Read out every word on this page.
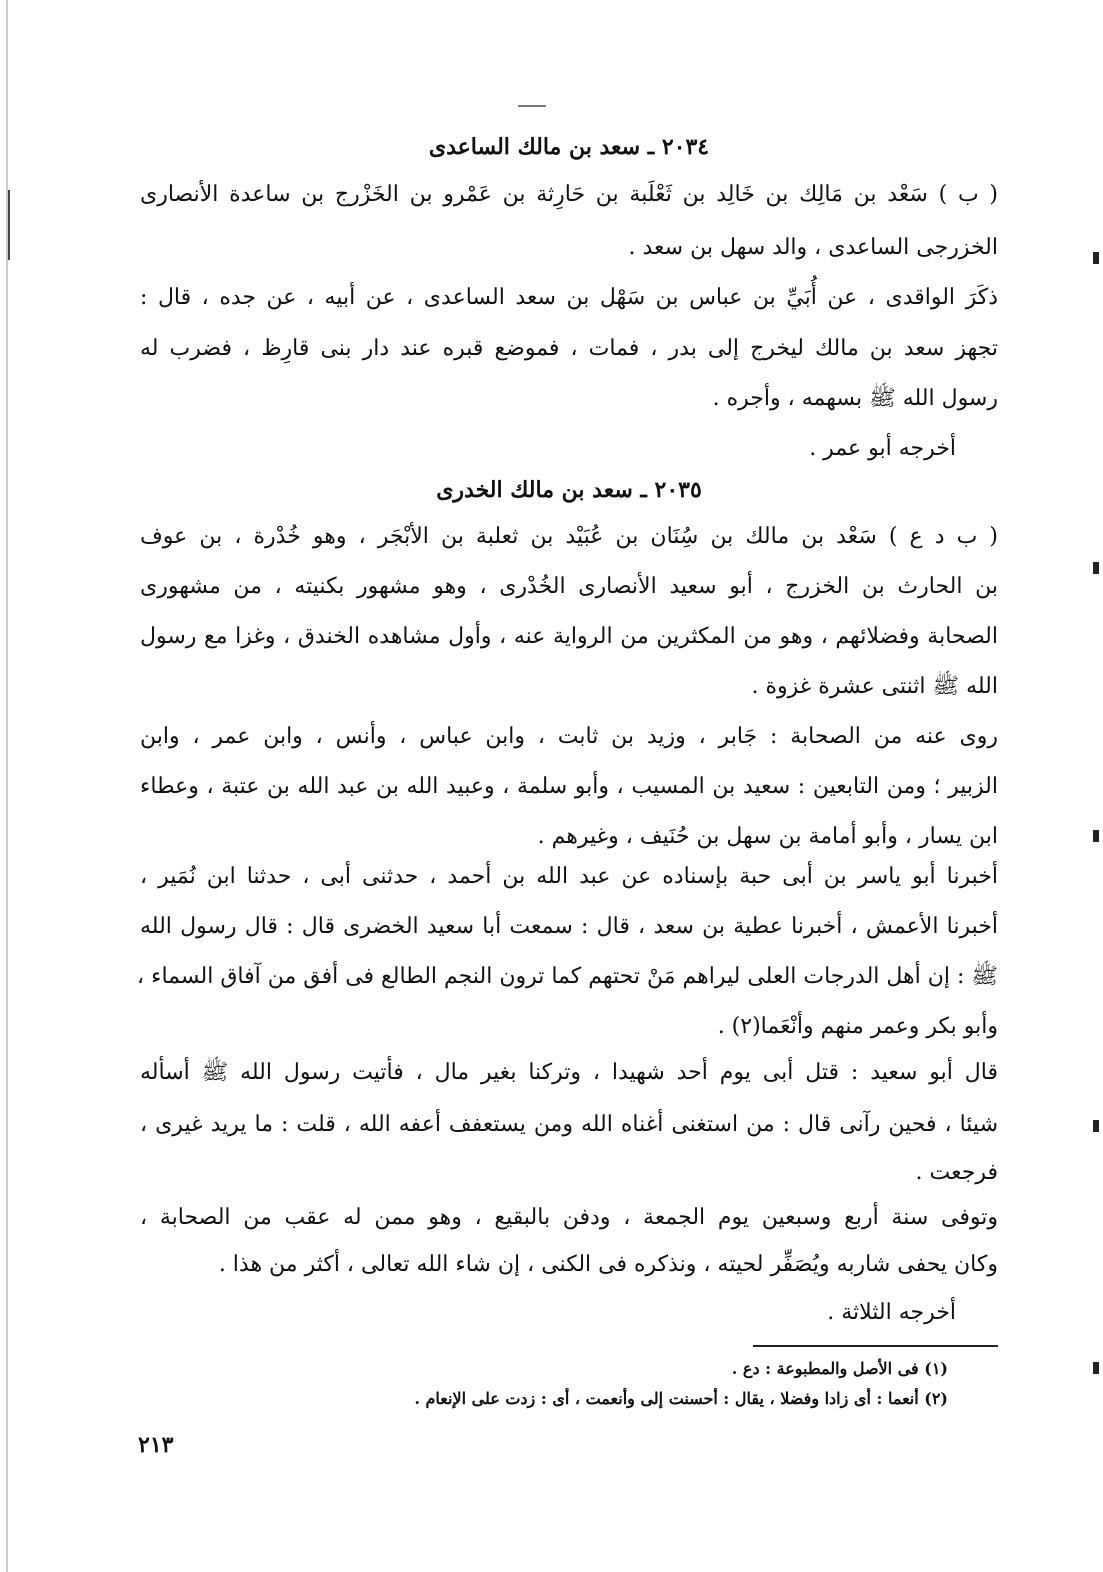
٢٠٣٤ ـ سعد بن مالك الساعدى
( ب ) سَعْد بن مَالِك بن خَالِد بن ثَعْلَبة بن حَارِثة بن عَمْرو بن الخَزْرج بن ساعدة الأنصارى
الخزرجى الساعدى ، والد سهل بن سعد .
ذكَرَ الواقدى ، عن أُبَيِّ بن عباس بن سَهْل بن سعد الساعدى ، عن أبيه ، عن جده ، قال :
تجهز سعد بن مالك ليخرج إلى بدر ، فمات ، فموضع قبره عند دار بنى قارِظ ، فضرب له
رسول الله ﷺ بسهمه ، وأجره .
أخرجه أبو عمر .
٢٠٣٥ ـ سعد بن مالك الخدرى
( ب د ع ) سَعْد بن مالك بن سُِنَان بن عُبَيْد بن ثعلبة بن الأبْجَر ، وهو خُدْرة ، بن عوف
بن الحارث بن الخزرج ، أبو سعيد الأنصارى الخُدْرى ، وهو مشهور بكنيته ، من مشهورى
الصحابة وفضلائهم ، وهو من المكثرين من الرواية عنه ، وأول مشاهده الخندق ، وغزا مع رسول
الله ﷺ اثنتى عشرة غزوة .
روى عنه من الصحابة : جَابر ، وزيد بن ثابت ، وابن عباس ، وأنس ، وابن عمر ، وابن
الزبير ؛ ومن التابعين : سعيد بن المسيب ، وأبو سلمة ، وعبيد الله بن عبد الله بن عتبة ، وعطاء
ابن يسار ، وأبو أمامة بن سهل بن حُنَيف ، وغيرهم .
أخبرنا أبو ياسر بن أبى حبة بإسناده عن عبد الله بن أحمد ، حدثنى أبى ، حدثنا ابن نُمَير ،
أخبرنا الأعمش ، أخبرنا عطية بن سعد ، قال : سمعت أبا سعيد الخضرى قال : قال رسول الله
ﷺ : إن أهل الدرجات العلى ليراهم مَنْ تحتهم كما ترون النجم الطالع فى أفق من آفاق السماء ،
وأبو بكر وعمر منهم وأنْعَما(٢) .
قال أبو سعيد : قتل أبى يوم أحد شهيدا ، وتركنا بغير مال ، فأتيت رسول الله ﷺ أسأله
شيئا ، فحين رآنى قال : من استغنى أغناه الله ومن يستعفف أعفه الله ، قلت : ما يريد غيرى ،
فرجعت .
وتوفى سنة أربع وسبعين يوم الجمعة ، ودفن بالبقيع ، وهو ممن له عقب من الصحابة ،
وكان يحفى شاربه ويُصَفِّر لحيته ، ونذكره فى الكنى ، إن شاء الله تعالى ، أكثر من هذا .
أخرجه الثلاثة .
(١) فى الأصل والمطبوعة : دع .
(٢) أنعما : أى زادا وفضلا ، يقال : أحسنت إلى وأنعمت ، أى : زدت على الإنعام .
٢١٣
